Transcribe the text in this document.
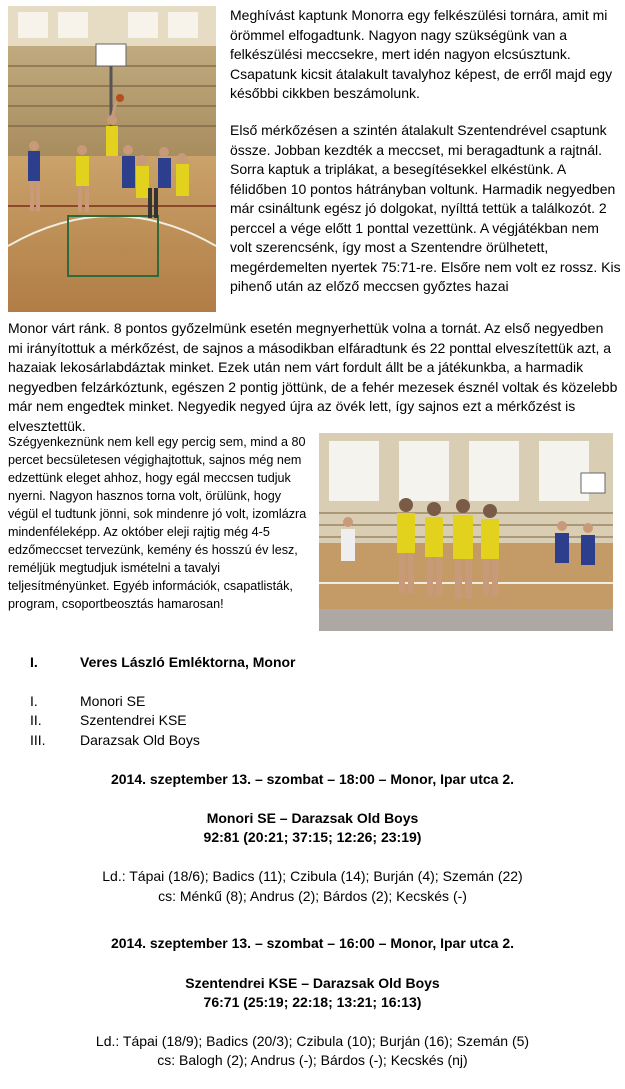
Meghívást kaptunk Monorra egy felkészülési tornára, amit mi örömmel elfogadtunk. Nagyon nagy szükségünk van a felkészülési meccsekre, mert idén nagyon elcsúsztunk. Csapatunk kicsit átalakult tavalyhoz képest, de erről majd egy későbbi cikkben beszámolunk.

Első mérkőzésen a szintén átalakult Szentendrével csaptunk össze. Jobban kezdték a meccset, mi beragadtunk a rajtnál. Sorra kaptuk a triplákat, a besegítésekkel elkéstünk. A félidőben 10 pontos hátrányban voltunk. Harmadik negyedben már csináltunk egész jó dolgokat, nyílttá tettük a találkozót. 2 perccel a vége előtt 1 ponttal vezettünk. A végjátékban nem volt szerencsénk, így most a Szentendre örülhetett, megérdemelten nyertek 75:71-re. Elsőre nem volt ez rossz. Kis pihenő után az előző meccsen győztes hazai

Monor várt ránk. 8 pontos győzelmünk esetén megnyerhettük volna a tornát. Az első negyedben mi irányítottuk a mérkőzést, de sajnos a másodikban elfáradtunk és 22 ponttal elveszítettük azt, a hazaiak lekosárlabdáztak minket. Ezek után nem várt fordult állt be a játékunkba, a harmadik negyedben felzárkóztunk, egészen 2 pontig jöttünk, de a fehér mezesek észnél voltak és közelebb már nem engedtek minket. Negyedik negyed újra az övék lett, így sajnos ezt a mérkőzést is elvesztettük.

Szégyenkeznünk nem kell egy percig sem, mind a 80 percet becsületesen végighajtottuk, sajnos még nem edzettünk eleget ahhoz, hogy egál meccsen tudjuk nyerni. Nagyon hasznos torna volt, örülünk, hogy végül el tudtunk jönni, sok mindenre jó volt, izomlázra mindenféleképp. Az október eleji rajtig még 4-5 edzőmeccset tervezünk, kemény és hosszú év lesz, reméljük megtudjuk ismételni a tavalyi teljesítményünket. Egyéb információk, csapatlisták, program, csoportbeosztás hamarosan!

I.	Veres László Emléktorna, Monor
I.	Monori SE
II.	Szentendrei KSE
III. Darazsak Old Boys
2014. szeptember 13. – szombat – 18:00 – Monor, Ipar utca 2.
Monori SE – Darazsak Old Boys
92:81 (20:21; 37:15; 12:26; 23:19)
Ld.: Tápai (18/6); Badics (11); Czibula (14); Burján (4); Szemán (22)
cs: Ménkű (8); Andrus (2); Bárdos (2); Kecskés (-)
2014. szeptember 13. – szombat – 16:00 – Monor, Ipar utca 2.
Szentendrei KSE – Darazsak Old Boys
76:71 (25:19; 22:18; 13:21; 16:13)
Ld.: Tápai (18/9); Badics (20/3); Czibula (10); Burján (16); Szemán (5)
cs: Balogh (2); Andrus (-); Bárdos (-); Kecskés (nj)
